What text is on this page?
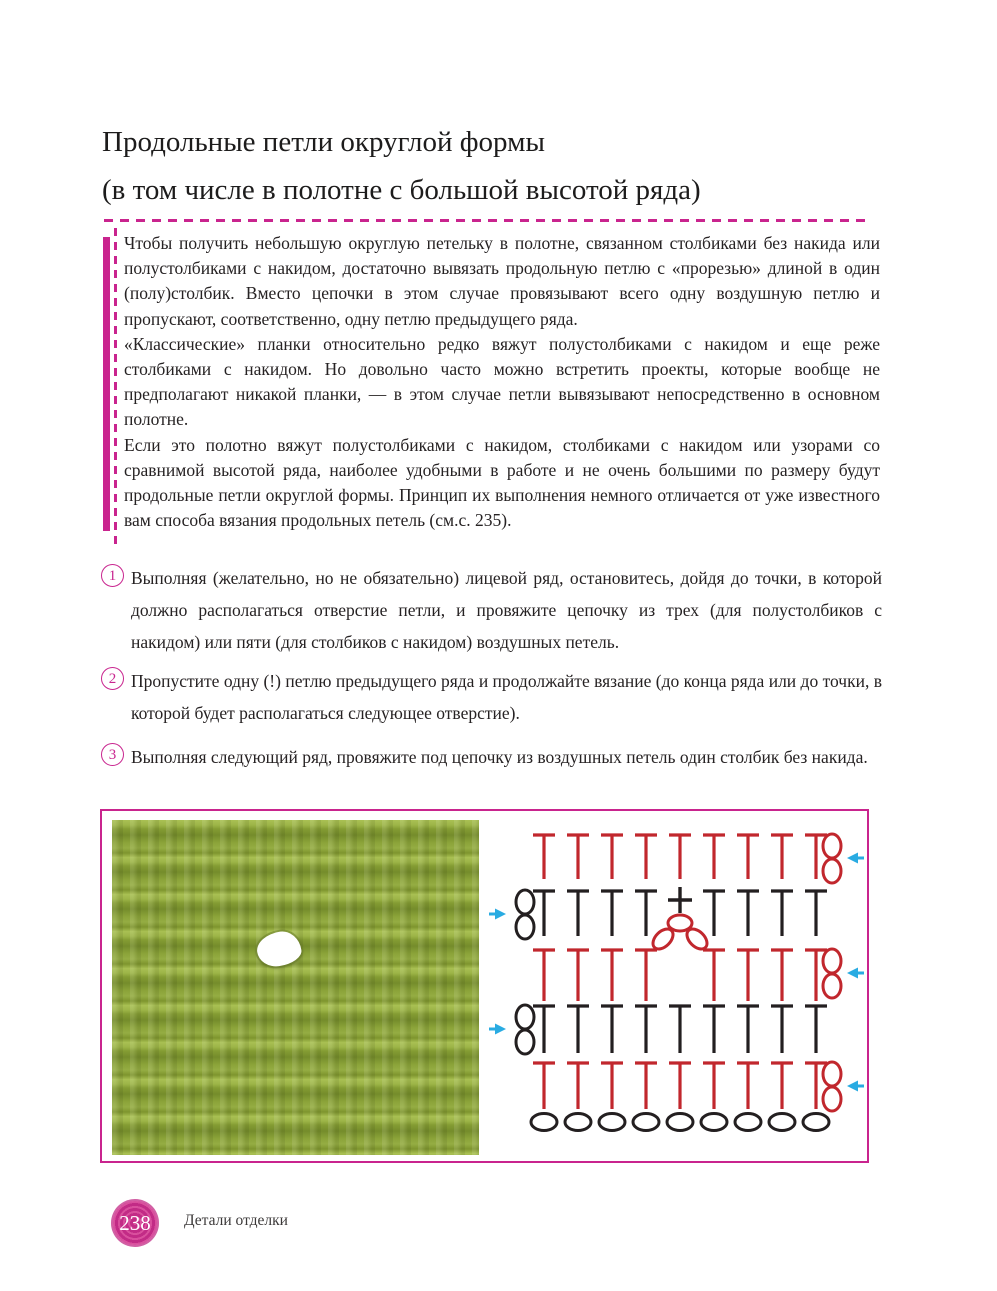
Продольные петли округлой формы
(в том числе в полотне с большой высотой ряда)

Чтобы получить небольшую округлую петельку в полотне, связанном столбиками без накида или полустолбиками с накидом, достаточно вывязать продольную петлю с «прорезью» длиной в один (полу)столбик. Вместо цепочки в этом случае провязывают всего одну воздушную петлю и пропускают, соответственно, одну петлю предыдущего ряда.

«Классические» планки относительно редко вяжут полустолбиками с накидом и еще реже столбиками с накидом. Но довольно часто можно встретить проекты, которые вообще не предполагают никакой планки, — в этом случае петли вывязывают непосредственно в основном полотне.

Если это полотно вяжут полустолбиками с накидом, столбиками с накидом или узорами со сравнимой высотой ряда, наиболее удобными в работе и не очень большими по размеру будут продольные петли округлой формы. Принцип их выполнения немного отличается от уже известного вам способа вязания продольных петель (см.с. 235).

1 Выполняя (желательно, но не обязательно) лицевой ряд, остановитесь, дойдя до точки, в которой должно располагаться отверстие петли, и провяжите цепочку из трех (для полустолбиков с накидом) или пяти (для столбиков с накидом) воздушных петель.
2 Пропустите одну (!) петлю предыдущего ряда и продолжайте вязание (до конца ряда или до точки, в которой будет располагаться следующее отверстие).
3 Выполняя следующий ряд, провяжите под цепочку из воздушных петель один столбик без накида.
238	Детали отделки
